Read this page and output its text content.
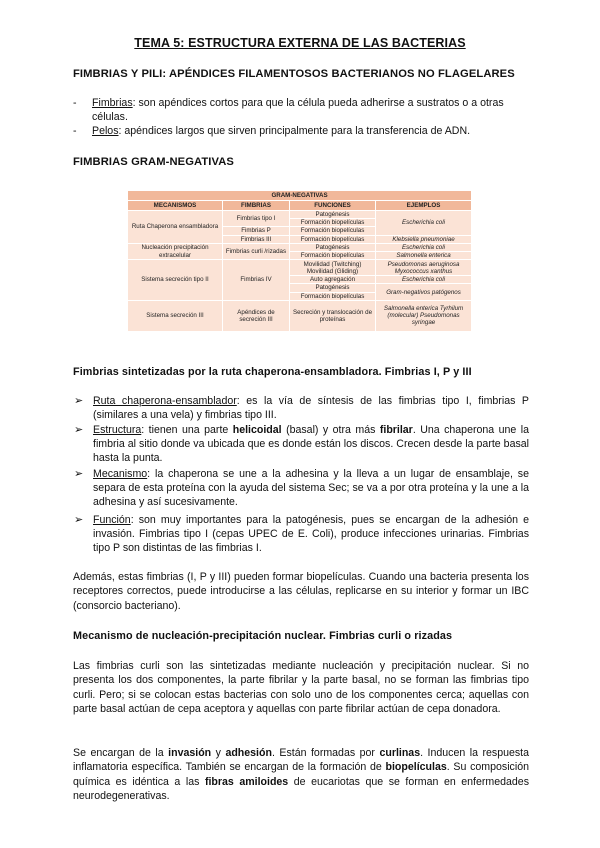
TEMA 5: ESTRUCTURA EXTERNA DE LAS BACTERIAS
FIMBRIAS Y PILI: APÉNDICES FILAMENTOSOS BACTERIANOS NO FLAGELARES
-	Fimbrias: son apéndices cortos para que la célula pueda adherirse a sustratos o a otras células.
-	Pelos: apéndices largos que sirven principalmente para la transferencia de ADN.
FIMBRIAS GRAM-NEGATIVAS
GRAM-NEGATIVAS			
MECANISMOS	FIMBRIAS	FUNCIONES	EJEMPLOS
Ruta Chaperona ensambladora	Fimbrias tipo I	Patogénesis	Escherichia coli
		Formación biopelículas	
	Fimbrias P	Formación biopelículas	
	Fimbrias III	Formación biopelículas	Klebsiella pneumoniae
Nucleación precipitación extracelular	Fimbrias curli /rizadas	Patogénesis	Escherichia coli
		Formación biopelículas	Salmonella enterica
Sistema secreción tipo II	Fimbrias IV	Movilidad (Twitching) Movilidad (Gliding)	Pseudomonas aeruginosa Myxococcus xanthus
		Auto agregación	Escherichia coli
		Patogénesis	Gram-negativos patógenos
		Formación biopelículas	
Sistema secreción III	Apéndices de secreción III	Secreción y translocación de proteínas	Salmonella enterica Tyrhilum (molecular) Pseudomonas syringae
Fimbrias sintetizadas por la ruta chaperona-ensambladora. Fimbrias I, P y III
➢ Ruta chaperona-ensamblador: es la vía de síntesis de las fimbrias tipo I, fimbrias P (similares a una vela) y fimbrias tipo III.
➢ Estructura: tienen una parte helicoidal (basal) y otra más fibrilar. Una chaperona une la fimbria al sitio donde va ubicada que es donde están los discos. Crecen desde la parte basal hasta la punta.
➢ Mecanismo: la chaperona se une a la adhesina y la lleva a un lugar de ensamblaje, se separa de esta proteína con la ayuda del sistema Sec; se va a por otra proteína y la une a la adhesina y así sucesivamente.
➢ Función: son muy importantes para la patogénesis, pues se encargan de la adhesión e invasión. Fimbrias tipo I (cepas UPEC de E. Coli), produce infecciones urinarias. Fimbrias tipo P son distintas de las fimbrias I.
Además, estas fimbrias (I, P y III) pueden formar biopelículas. Cuando una bacteria presenta los receptores correctos, puede introducirse a las células, replicarse en su interior y formar un IBC (consorcio bacteriano).
Mecanismo de nucleación-precipitación nuclear. Fimbrias curli o rizadas
Las fimbrias curli son las sintetizadas mediante nucleación y precipitación nuclear. Si no presenta los dos componentes, la parte fibrilar y la parte basal, no se forman las fimbrias tipo curli. Pero; si se colocan estas bacterias con solo uno de los componentes cerca; aquellas con parte basal actúan de cepa aceptora y aquellas con parte fibrilar actúan de cepa donadora.
Se encargan de la invasión y adhesión. Están formadas por curlinas. Inducen la respuesta inflamatoria específica. También se encargan de la formación de biopelículas. Su composición química es idéntica a las fibras amiloides de eucariotas que se forman en enfermedades neurodegenerativas.
